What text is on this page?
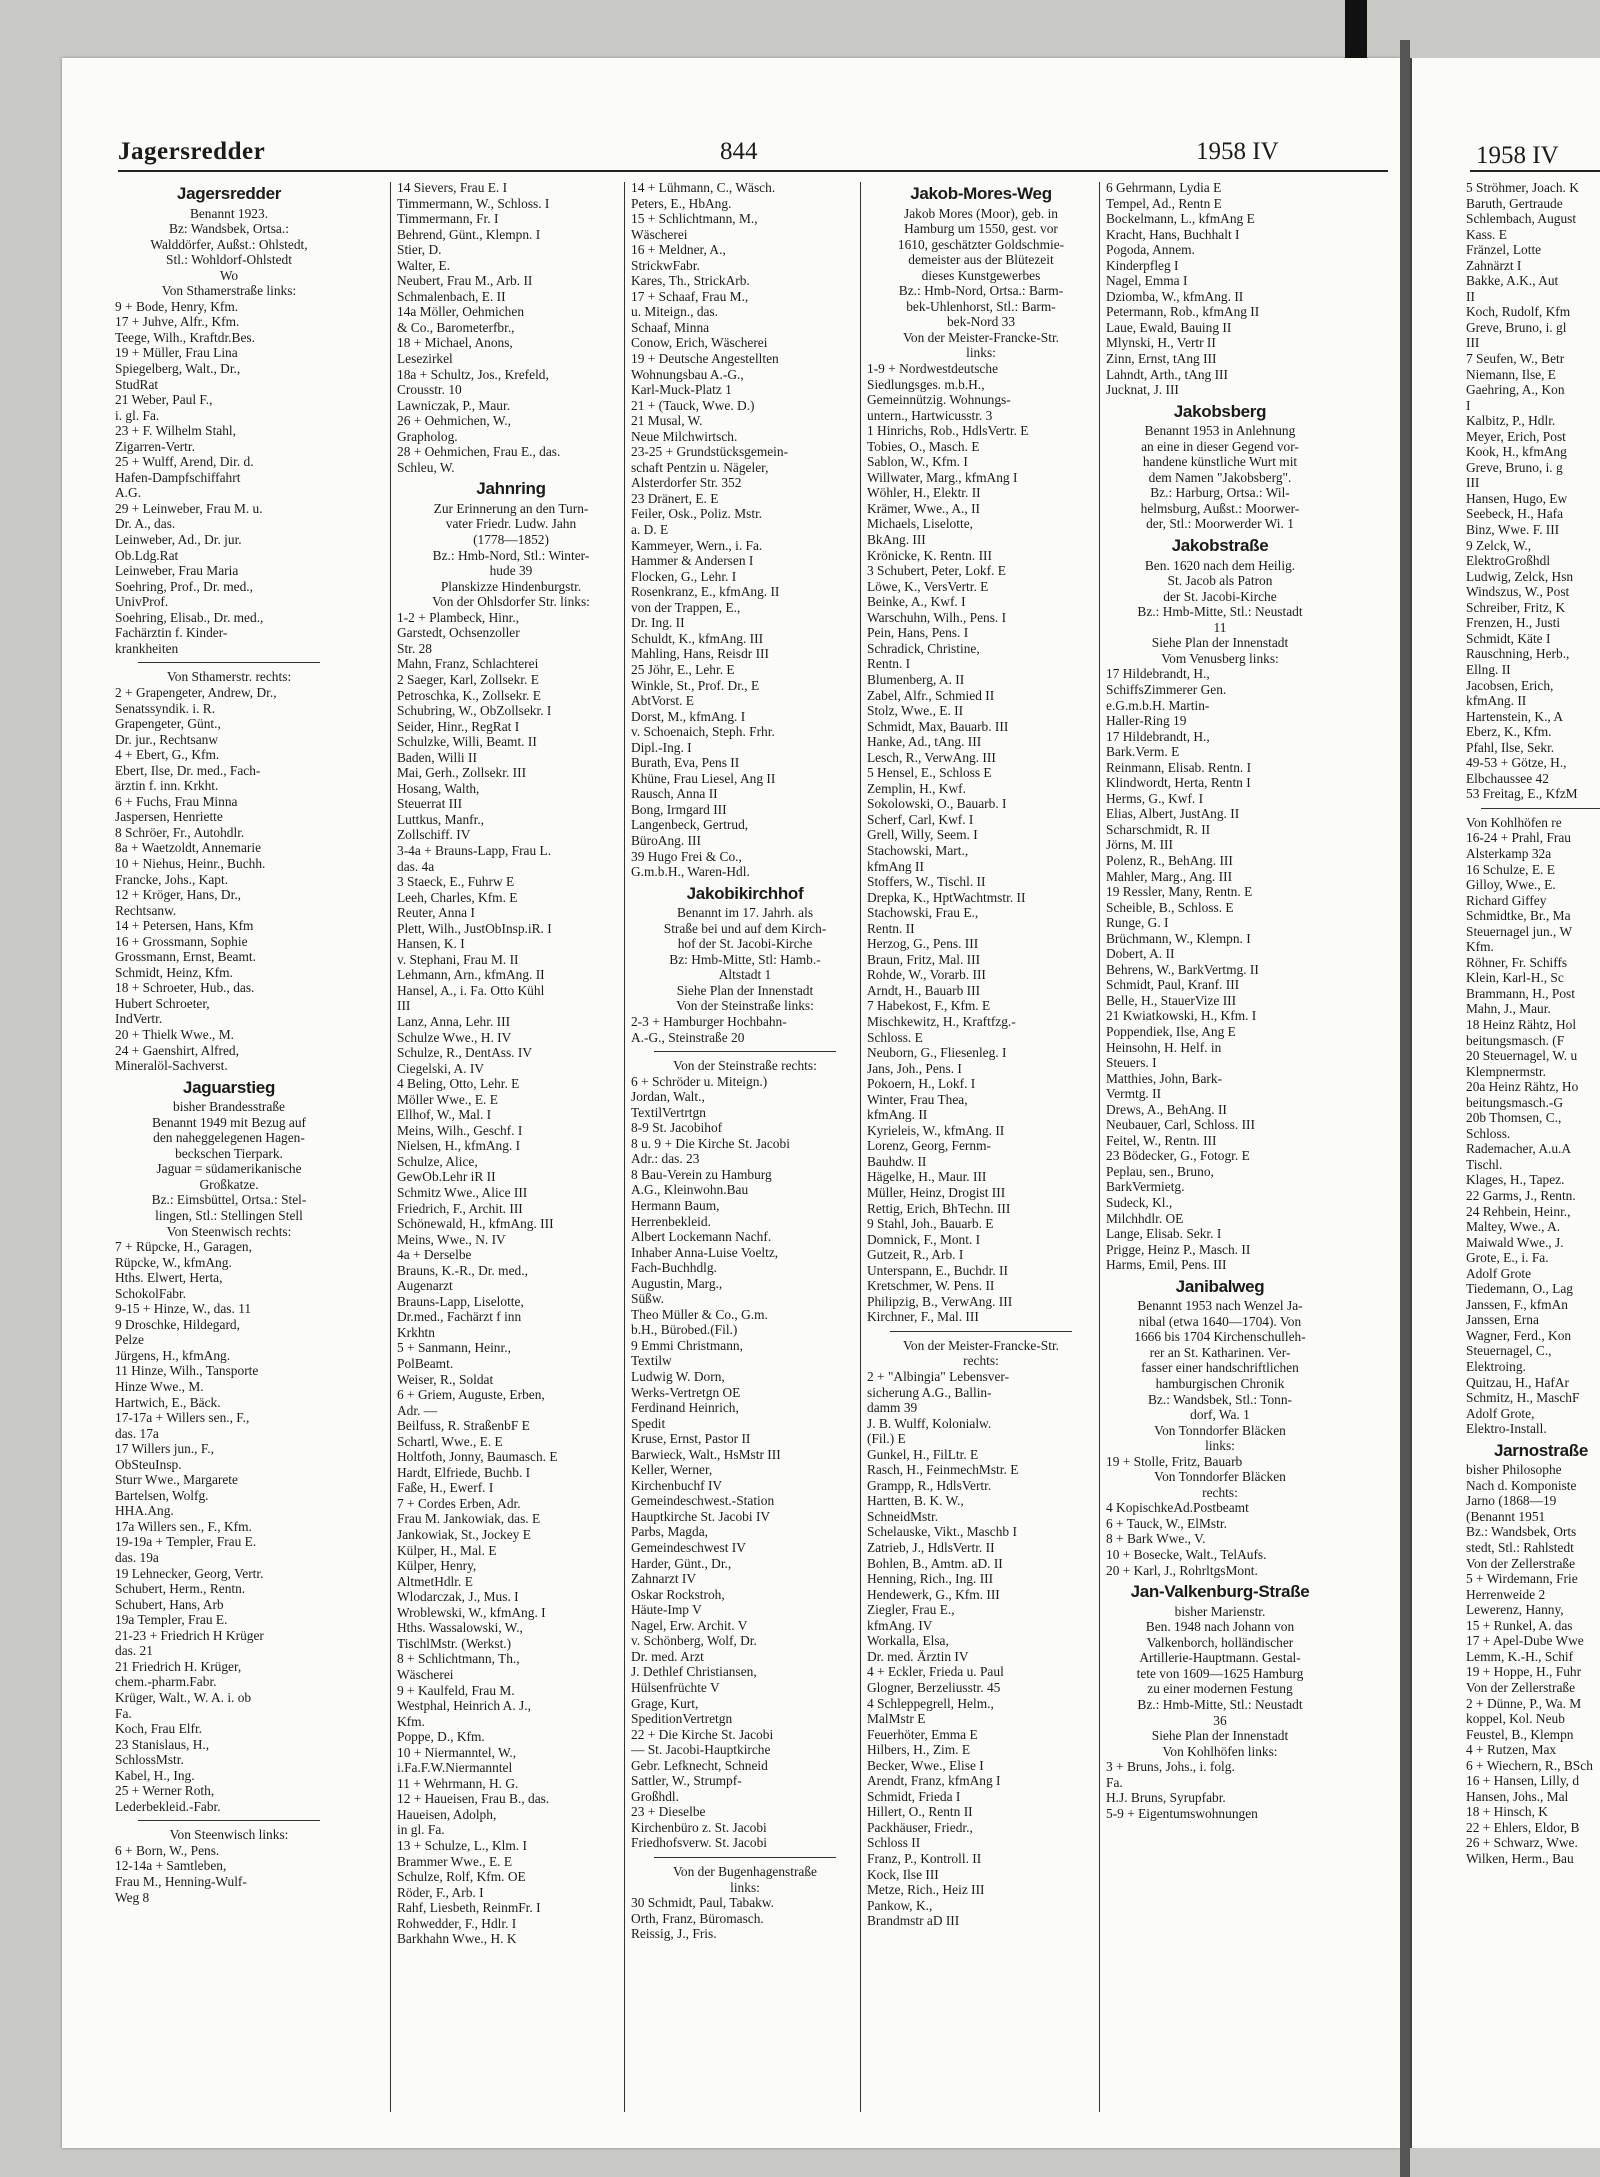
Jagersredder	844	1958 IV	1958 IV
Jagersredder
Benannt 1923.
Bz: Wandsbek, Ortsa.:
Walddörfer, Außst.: Ohlstedt,
Stl.: Wohldorf-Ohlstedt
Wo
Von Sthamerstraße links:
9 + Bode, Henry, Kfm.
17 + Juhve, Alfr., Kfm.
Teege, Wilh., Kraftdr.Bes.
19 + Müller, Frau Lina
Spiegelberg, Walt., Dr.,
StudRat
21 Weber, Paul F.,
i. gl. Fa.
23 + F. Wilhelm Stahl,
Zigarren-Vertr.
25 + Wulff, Arend, Dir. d.
Hafen-Dampfschiffahrt
A.G.
29 + Leinweber, Frau M. u.
Dr. A., das.
Leinweber, Ad., Dr. jur.
Ob.Ldg.Rat
Leinweber, Frau Maria
Soehring, Prof., Dr. med.,
UnivProf.
Soehring, Elisab., Dr. med.,
Fachärztin f. Kinder-
krankheiten
Von Sthamerstr. rechts:
2 + Grapengeter, Andrew, Dr.,
Senatssyndik. i. R.
Grapengeter, Günt.,
Dr. jur., Rechtsanw
4 + Ebert, G., Kfm.
Ebert, Ilse, Dr. med., Fach-
ärztin f. inn. Krkht.
6 + Fuchs, Frau Minna
Jaspersen, Henriette
8 Schröer, Fr., Autohdlr.
8a + Waetzoldt, Annemarie
10 + Niehus, Heinr., Buchh.
Francke, Johs., Kapt.
12 + Kröger, Hans, Dr.,
Rechtsanw.
14 + Petersen, Hans, Kfm
16 + Grossmann, Sophie
Grossmann, Ernst, Beamt.
Schmidt, Heinz, Kfm.
18 + Schroeter, Hub., das.
Hubert Schroeter,
IndVertr.
20 + Thielk Wwe., M.
24 + Gaenshirt, Alfred,
Mineralöl-Sachverst.
Jaguarstieg
bisher Brandesstraße
Benannt 1949 mit Bezug auf
den naheggelegenen Hagen-
beckschen Tierpark.
Jaguar = südamerikanische
Großkatze.
Bz.: Eimsbüttel, Ortsa.: Stel-
lingen, Stl.: Stellingen Stell
Von Steenwisch rechts:
7 + Rüpcke, H., Garagen,
Rüpcke, W., kfmAng.
Hths. Elwert, Herta,
SchokolFabr.
9-15 + Hinze, W., das. 11
9 Droschke, Hildegard,
Pelze
Jürgens, H., kfmAng.
11 Hinze, Wilh., Tansporte
Hinze Wwe., M.
Hartwich, E., Bäck.
17-17a + Willers sen., F.,
das. 17a
17 Willers jun., F.,
ObSteuInsp.
Sturr Wwe., Margarete
Bartelsen, Wolfg.
HHA.Ang.
17a Willers sen., F., Kfm.
19-19a + Templer, Frau E.
das. 19a
19 Lehnecker, Georg, Vertr.
Schubert, Herm., Rentn.
Schubert, Hans, Arb
19a Templer, Frau E.
21-23 + Friedrich H Krüger
das. 21
21 Friedrich H. Krüger,
chem.-pharm.Fabr.
Krüger, Walt., W. A. i. ob
Fa.
Koch, Frau Elfr.
23 Stanislaus, H.,
SchlossMstr.
Kabel, H., Ing.
25 + Werner Roth,
Lederbekleid.-Fabr.
Von Steenwisch links:
6 + Born, W., Pens.
12-14a + Samtleben,
Frau M., Henning-Wulf-
Weg 8
14 Sievers, Frau E. I
Timmermann, W., Schloss. I
Timmermann, Fr. I
Behrend, Günt., Klempn. I
Stier, D.
Walter, E.
Neubert, Frau M., Arb. II
Schmalenbach, E. II
14a Möller, Oehmichen
& Co., Barometerfbr.,
18 + Michael, Anons,
Lesezirkel
18a + Schultz, Jos., Krefeld,
Crousstr. 10
Lawniczak, P., Maur.
26 + Oehmichen, W.,
Grapholog.
28 + Oehmichen, Frau E., das.
Schleu, W.
Jahnring
Zur Erinnerung an den Turn-
vater Friedr. Ludw. Jahn
(1778—1852)
Bz.: Hmb-Nord, Stl.: Winter-
hude 39
Planskizze Hindenburgstr.
Von der Ohlsdorfer Str. links:
1-2 + Plambeck, Hinr.,
Garstedt, Ochsenzoller
Str. 28
Mahn, Franz, Schlachterei
2 Saeger, Karl, Zollsekr. E
Petroschka, K., Zollsekr. E
Schubring, W., ObZollsekr. I
Seider, Hinr., RegRat I
Schulzke, Willi, Beamt. II
Baden, Willi II
Mai, Gerh., Zollsekr. III
Hosang, Walth,
Steuerrat III
Luttkus, Manfr.,
Zollschiff. IV
3-4a + Brauns-Lapp, Frau L.
das. 4a
3 Staeck, E., Fuhrw E
Leeh, Charles, Kfm. E
Reuter, Anna I
Plett, Wilh., JustObInsp.iR. I
Hansen, K. I
v. Stephani, Frau M. II
Lehmann, Arn., kfmAng. II
Hansel, A., i. Fa. Otto Kühl
III
Lanz, Anna, Lehr. III
Schulze Wwe., H. IV
Schulze, R., DentAss. IV
Ciegelski, A. IV
4 Beling, Otto, Lehr. E
Möller Wwe., E. E
Ellhof, W., Mal. I
Meins, Wilh., Geschf. I
Nielsen, H., kfmAng. I
Schulze, Alice,
GewOb.Lehr iR II
Schmitz Wwe., Alice III
Friedrich, F., Archit. III
Schönewald, H., kfmAng. III
Meins, Wwe., N. IV
4a + Derselbe
Brauns, K.-R., Dr. med.,
Augenarzt
Brauns-Lapp, Liselotte,
Dr.med., Fachärzt f inn
Krkhtn
5 + Sanmann, Heinr.,
PolBeamt.
Weiser, R., Soldat
6 + Griem, Auguste, Erben,
Adr. —
Beilfuss, R. StraßenbF E
Schartl, Wwe., E. E
Holtfoth, Jonny, Baumasch. E
Hardt, Elfriede, Buchb. I
Faße, H., Ewerf. I
7 + Cordes Erben, Adr.
Frau M. Jankowiak, das. E
Jankowiak, St., Jockey E
Külper, H., Mal. E
Külper, Henry,
AltmetHdlr. E
Wlodarczak, J., Mus. I
Wroblewski, W., kfmAng. I
Hths. Wassalowski, W.,
TischlMstr. (Werkst.)
8 + Schlichtmann, Th.,
Wäscherei
9 + Kaulfeld, Frau M.
Westphal, Heinrich A. J.,
Kfm.
Poppe, D., Kfm.
10 + Niermanntel, W.,
i.Fa.F.W.Niermanntel
11 + Wehrmann, H. G.
12 + Haueisen, Frau B., das.
Haueisen, Adolph,
in gl. Fa.
13 + Schulze, L., Klm. I
Brammer Wwe., E. E
Schulze, Rolf, Kfm. OE
Röder, F., Arb. I
Rahf, Liesbeth, ReinmFr. I
Rohwedder, F., Hdlr. I
Barkhahn Wwe., H. K
14 + Lühmann, C., Wäsch.
Peters, E., HbAng.
15 + Schlichtmann, M.,
Wäscherei
16 + Meldner, A.,
StrickwFabr.
Kares, Th., StrickArb.
17 + Schaaf, Frau M.,
u. Miteign., das.
Schaaf, Minna
Conow, Erich, Wäscherei
19 + Deutsche Angestellten
Wohnungsbau A.-G.,
Karl-Muck-Platz 1
21 + (Tauck, Wwe. D.)
21 Musal, W.
Neue Milchwirtsch.
23-25 + Grundstücksgemein-
schaft Pentzin u. Nägeler,
Alsterdorfer Str. 352
23 Dränert, E. E
Feiler, Osk., Poliz. Mstr.
a. D. E
Kammeyer, Wern., i. Fa.
Hammer & Andersen I
Flocken, G., Lehr. I
Rosenkranz, E., kfmAng. II
von der Trappen, E.,
Dr. Ing. II
Schuldt, K., kfmAng. III
Mahling, Hans, Reisdr III
25 Jöhr, E., Lehr. E
Winkle, St., Prof. Dr., E
AbtVorst. E
Dorst, M., kfmAng. I
v. Schoenaich, Steph. Frhr.
Dipl.-Ing. I
Burath, Eva, Pens II
Khüne, Frau Liesel, Ang II
Rausch, Anna II
Bong, Irmgard III
Langenbeck, Gertrud,
BüroAng. III
39 Hugo Frei & Co.,
G.m.b.H., Waren-Hdl.
Jakobikirchhof
Benannt im 17. Jahrh. als
Straße bei und auf dem Kirch-
hof der St. Jacobi-Kirche
Bz: Hmb-Mitte, Stl: Hamb.-
Altstadt 1
Siehe Plan der Innenstadt
Von der Steinstraße links:
2-3 + Hamburger Hochbahn-
A.-G., Steinstraße 20
Von der Steinstraße rechts:
6 + Schröder u. Miteign.)
Jordan, Walt.,
TextilVertrtgn
8-9 St. Jacobihof
8 u. 9 + Die Kirche St. Jacobi
Adr.: das. 23
8 Bau-Verein zu Hamburg
A.G., Kleinwohn.Bau
Hermann Baum,
Herrenbekleid.
Albert Lockemann Nachf.
Inhaber Anna-Luise Voeltz,
Fach-Buchhdlg.
Augustin, Marg.,
Süßw.
Theo Müller & Co., G.m.
b.H., Bürobed.(Fil.)
9 Emmi Christmann,
Textilw
Ludwig W. Dorn,
Werks-Vertretgn OE
Ferdinand Heinrich,
Spedit
Kruse, Ernst, Pastor II
Barwieck, Walt., HsMstr III
Keller, Werner,
Kirchenbuchf IV
Gemeindeschwest.-Station
Hauptkirche St. Jacobi IV
Parbs, Magda,
Gemeindeschwest IV
Harder, Günt., Dr.,
Zahnarzt IV
Oskar Rockstroh,
Häute-Imp V
Nagel, Erw. Archit. V
v. Schönberg, Wolf, Dr.
Dr. med. Arzt
J. Dethlef Christiansen,
Hülsenfrüchte V
Grage, Kurt,
SpeditionVertretgn
22 + Die Kirche St. Jacobi
— St. Jacobi-Hauptkirche
Gebr. Lefknecht, Schneid
Sattler, W., Strumpf-
Großhdl.
23 + Dieselbe
Kirchenbüro z. St. Jacobi
Friedhofsverw. St. Jacobi
Von der Bugenhagenstraße
links:
30 Schmidt, Paul, Tabakw.
Orth, Franz, Büromasch.
Reissig, J., Fris.
Jakob-Mores-Weg
Jakob Mores (Moor), geb. in
Hamburg um 1550, gest. vor
1610, geschätzter Goldschmie-
demeister aus der Blütezeit
dieses Kunstgewerbes
Bz.: Hmb-Nord, Ortsa.: Barm-
bek-Uhlenhorst, Stl.: Barm-
bek-Nord 33
Von der Meister-Francke-Str.
links:
1-9 + Nordwestdeutsche
Siedlungsges. m.b.H.,
Gemeinnützig. Wohnungs-
untern., Hartwicusstr. 3
1 Hinrichs, Rob., HdlsVertr. E
Tobies, O., Masch. E
Sablon, W., Kfm. I
Willwater, Marg., kfmAng I
Wöhler, H., Elektr. II
Krämer, Wwe., A., II
Michaels, Liselotte,
BkAng. III
Krönicke, K. Rentn. III
3 Schubert, Peter, Lokf. E
Löwe, K., VersVertr. E
Beinke, A., Kwf. I
Warschuhn, Wilh., Pens. I
Pein, Hans, Pens. I
Schradick, Christine,
Rentn. I
Blumenberg, A. II
Zabel, Alfr., Schmied II
Stolz, Wwe., E. II
Schmidt, Max, Bauarb. III
Hanke, Ad., tAng. III
Lesch, R., VerwAng. III
5 Hensel, E., Schloss E
Zemplin, H., Kwf.
Sokolowski, O., Bauarb. I
Scherf, Carl, Kwf. I
Grell, Willy, Seem. I
Stachowski, Mart.,
kfmAng II
Stoffers, W., Tischl. II
Drepka, K., HptWachtmstr. II
Stachowski, Frau E.,
Rentn. II
Herzog, G., Pens. III
Braun, Fritz, Mal. III
Rohde, W., Vorarb. III
Arndt, H., Bauarb III
7 Habekost, F., Kfm. E
Mischkewitz, H., Kraftfzg.-
Schloss. E
Neuborn, G., Fliesenleg. I
Jans, Joh., Pens. I
Pokoern, H., Lokf. I
Winter, Frau Thea,
kfmAng. II
Kyrieleis, W., kfmAng. II
Lorenz, Georg, Fernm-
Bauhdw. II
Hägelke, H., Maur. III
Müller, Heinz, Drogist III
Rettig, Erich, BhTechn. III
9 Stahl, Joh., Bauarb. E
Domnick, F., Mont. I
Gutzeit, R., Arb. I
Unterspann, E., Buchdr. II
Kretschmer, W. Pens. II
Philipzig, B., VerwAng. III
Kirchner, F., Mal. III
Von der Meister-Francke-Str.
rechts:
2 + "Albingia" Lebensver-
sicherung A.G., Ballin-
damm 39
J. B. Wulff, Kolonialw.
(Fil.) E
Gunkel, H., FilLtr. E
Rasch, H., FeinmechMstr. E
Grampp, R., HdlsVertr.
Hartten, B. K. W.,
SchneidMstr.
Schelauske, Vikt., Maschb I
Zatrieb, J., HdlsVertr. II
Bohlen, B., Amtm. aD. II
Henning, Rich., Ing. III
Hendewerk, G., Kfm. III
Ziegler, Frau E.,
kfmAng. IV
Workalla, Elsa,
Dr. med. Ärztin IV
4 + Eckler, Frieda u. Paul
Glogner, Berzeliusstr. 45
4 Schleppegrell, Helm.,
MalMstr E
Feuerhöter, Emma E
Hilbers, H., Zim. E
Becker, Wwe., Elise I
Arendt, Franz, kfmAng I
Schmidt, Frieda I
Hillert, O., Rentn II
Packhäuser, Friedr.,
Schloss II
Franz, P., Kontroll. II
Kock, Ilse III
Metze, Rich., Heiz III
Pankow, K.,
Brandmstr aD III
6 Gehrmann, Lydia E
Tempel, Ad., Rentn E
Bockelmann, L., kfmAng E
Kracht, Hans, Buchhalt I
Pogoda, Annem.
Kinderpfleg I
Nagel, Emma I
Dziomba, W., kfmAng. II
Petermann, Rob., kfmAng II
Laue, Ewald, Bauing II
Mlynski, H., Vertr II
Zinn, Ernst, tAng III
Lahndt, Arth., tAng III
Jucknat, J. III
Jakobsberg
Benannt 1953 in Anlehnung
an eine in dieser Gegend vor-
handene künstliche Wurt mit
dem Namen "Jakobsberg".
Bz.: Harburg, Ortsa.: Wil-
helmsburg, Außst.: Moorwer-
der, Stl.: Moorwerder Wi. 1
Jakobstraße
Ben. 1620 nach dem Heilig.
St. Jacob als Patron
der St. Jacobi-Kirche
Bz.: Hmb-Mitte, Stl.: Neustadt
11
Siehe Plan der Innenstadt
Vom Venusberg links:
17 Hildebrandt, H.,
SchiffsZimmerer Gen.
e.G.m.b.H. Martin-
Haller-Ring 19
17 Hildebrandt, H.,
Bark.Verm. E
Reinmann, Elisab. Rentn. I
Klindwordt, Herta, Rentn I
Herms, G., Kwf. I
Elias, Albert, JustAng. II
Scharschmidt, R. II
Jörns, M. III
Polenz, R., BehAng. III
Mahler, Marg., Ang. III
19 Ressler, Many, Rentn. E
Scheible, B., Schloss. E
Runge, G. I
Brüchmann, W., Klempn. I
Dobert, A. II
Behrens, W., BarkVertmg. II
Schmidt, Paul, Kranf. III
Belle, H., StauerVize III
21 Kwiatkowski, H., Kfm. I
Poppendiek, Ilse, Ang E
Heinsohn, H. Helf. in
Steuers. I
Matthies, John, Bark-
Vermtg. II
Drews, A., BehAng. II
Neubauer, Carl, Schloss. III
Feitel, W., Rentn. III
23 Bödecker, G., Fotogr. E
Peplau, sen., Bruno,
BarkVermietg.
Sudeck, Kl.,
Milchhdlr. OE
Lange, Elisab. Sekr. I
Prigge, Heinz P., Masch. II
Harms, Emil, Pens. III
Janibalweg
Benannt 1953 nach Wenzel Ja-
nibal (etwa 1640—1704). Von
1666 bis 1704 Kirchenschulleh-
rer an St. Katharinen. Ver-
fasser einer handschriftlichen
hamburgischen Chronik
Bz.: Wandsbek, Stl.: Tonn-
dorf, Wa. 1
Von Tonndorfer Bläcken
links:
19 + Stolle, Fritz, Bauarb
Von Tonndorfer Bläcken
rechts:
4 KopischkeAd.Postbeamt
6 + Tauck, W., ElMstr.
8 + Bark Wwe., V.
10 + Bosecke, Walt., TelAufs.
20 + Karl, J., RohrltgsMont.
Jan-Valkenburg-Straße
bisher Marienstr.
Ben. 1948 nach Johann von
Valkenborch, holländischer
Artillerie-Hauptmann. Gestal-
tete von 1609—1625 Hamburg
zu einer modernen Festung
Bz.: Hmb-Mitte, Stl.: Neustadt
36
Siehe Plan der Innenstadt
Von Kohlhöfen links:
3 + Bruns, Johs., i. folg.
Fa.
H.J. Bruns, Syrupfabr.
5-9 + Eigentumswohnungen
5 Ströhmer, Joach. K
Baruth, Gertraude
Schlembach, August
Kass. E
Fränzel, Lotte
Zahnärzt I
Bakke, A.K., Aut
II
Koch, Rudolf, Kfm
Greve, Bruno, i. gl
III
7 Seufen, W., Betr
Niemann, Ilse, E
Gaehring, A., Kon
I
Kalbitz, P., Hdlr.
Meyer, Erich, Post
Kook, H., kfmAng
Greve, Bruno, i. g
III
Hansen, Hugo, Ew
Seebeck, H., Hafa
Binz, Wwe. F. III
9 Zelck, W.,
ElektroGroßhdl
Ludwig, Zelck, Hsn
Windszus, W., Post
Schreiber, Fritz, K
Frenzen, H., Justi
Schmidt, Käte I
Rauschning, Herb.,
Ellng. II
Jacobsen, Erich,
kfmAng. II
Hartenstein, K., A
Eberz, K., Kfm.
Pfahl, Ilse, Sekr.
49-53 + Götze, H.,
Elbchaussee 42
53 Freitag, E., KfzM
Von Kohlhöfen re
16-24 + Prahl, Frau
Alsterkamp 32a
16 Schulze, E. E
Gilloy, Wwe., E.
Richard Giffey
Schmidtke, Br., Ma
Steuernagel jun., W
Kfm.
Röhner, Fr. Schiffs
Klein, Karl-H., Sc
Brammann, H., Post
Mahn, J., Maur.
18 Heinz Rähtz, Hol
beitungsmasch. (F
20 Steuernagel, W. u
Klempnermstr.
20a Heinz Rähtz, Ho
beitungsmasch.-G
20b Thomsen, C.,
Schloss.
Rademacher, A.u.A
Tischl.
Klages, H., Tapez.
22 Garms, J., Rentn.
24 Rehbein, Heinr.,
Maltey, Wwe., A.
Maiwald Wwe., J.
Grote, E., i. Fa.
Adolf Grote
Tiedemann, O., Lag
Janssen, F., kfmAn
Janssen, Erna
Wagner, Ferd., Kon
Steuernagel, C.,
Elektroing.
Quitzau, H., HafAr
Schmitz, H., MaschF
Adolf Grote,
Elektro-Install.
Jarnostraße
bisher Philosophe
Nach d. Komponiste
Jarno (1868—19
(Benannt 1951
Bz.: Wandsbek, Orts
stedt, Stl.: Rahlstedt
Von der Zellerstraße
5 + Wirdemann, Frie
Herrenweide 2
Lewerenz, Hanny,
15 + Runkel, A. das
17 + Apel-Dube Wwe
Lemm, K.-H., Schif
19 + Hoppe, H., Fuhr
Von der Zellerstraße
2 + Dünne, P., Wa. M
koppel, Kol. Neub
Feustel, B., Klempn
4 + Rutzen, Max
6 + Wiechern, R., BSch
16 + Hansen, Lilly, d
Hansen, Johs., Mal
18 + Hinsch, K
22 + Ehlers, Eldor, B
26 + Schwarz, Wwe.
Wilken, Herm., Bau
